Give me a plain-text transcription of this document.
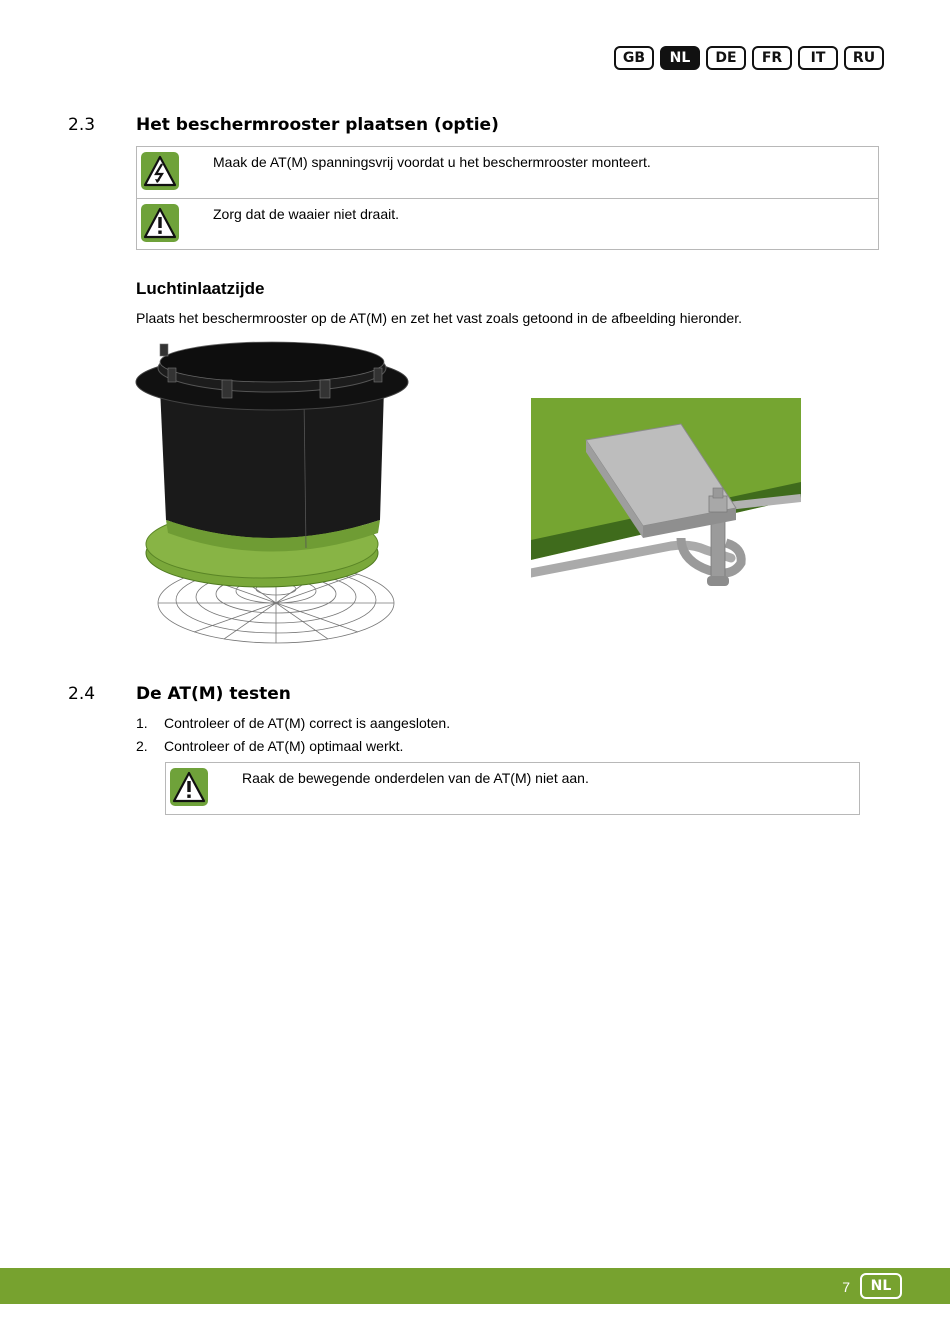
GB	NL	DE	FR	IT	RU
2.3 Het beschermrooster plaatsen (optie)
Maak de AT(M) spanningsvrij voordat u het beschermrooster monteert.
Zorg dat de waaier niet draait.
Luchtinlaatzijde
Plaats het beschermrooster op de AT(M) en zet het vast zoals getoond in de afbeelding hieronder.
2.4 De AT(M) testen
1.	Controleer of de AT(M) correct is aangesloten.
2.	Controleer of de AT(M) optimaal werkt.
Raak de bewegende onderdelen van de AT(M) niet aan.
7	NL
